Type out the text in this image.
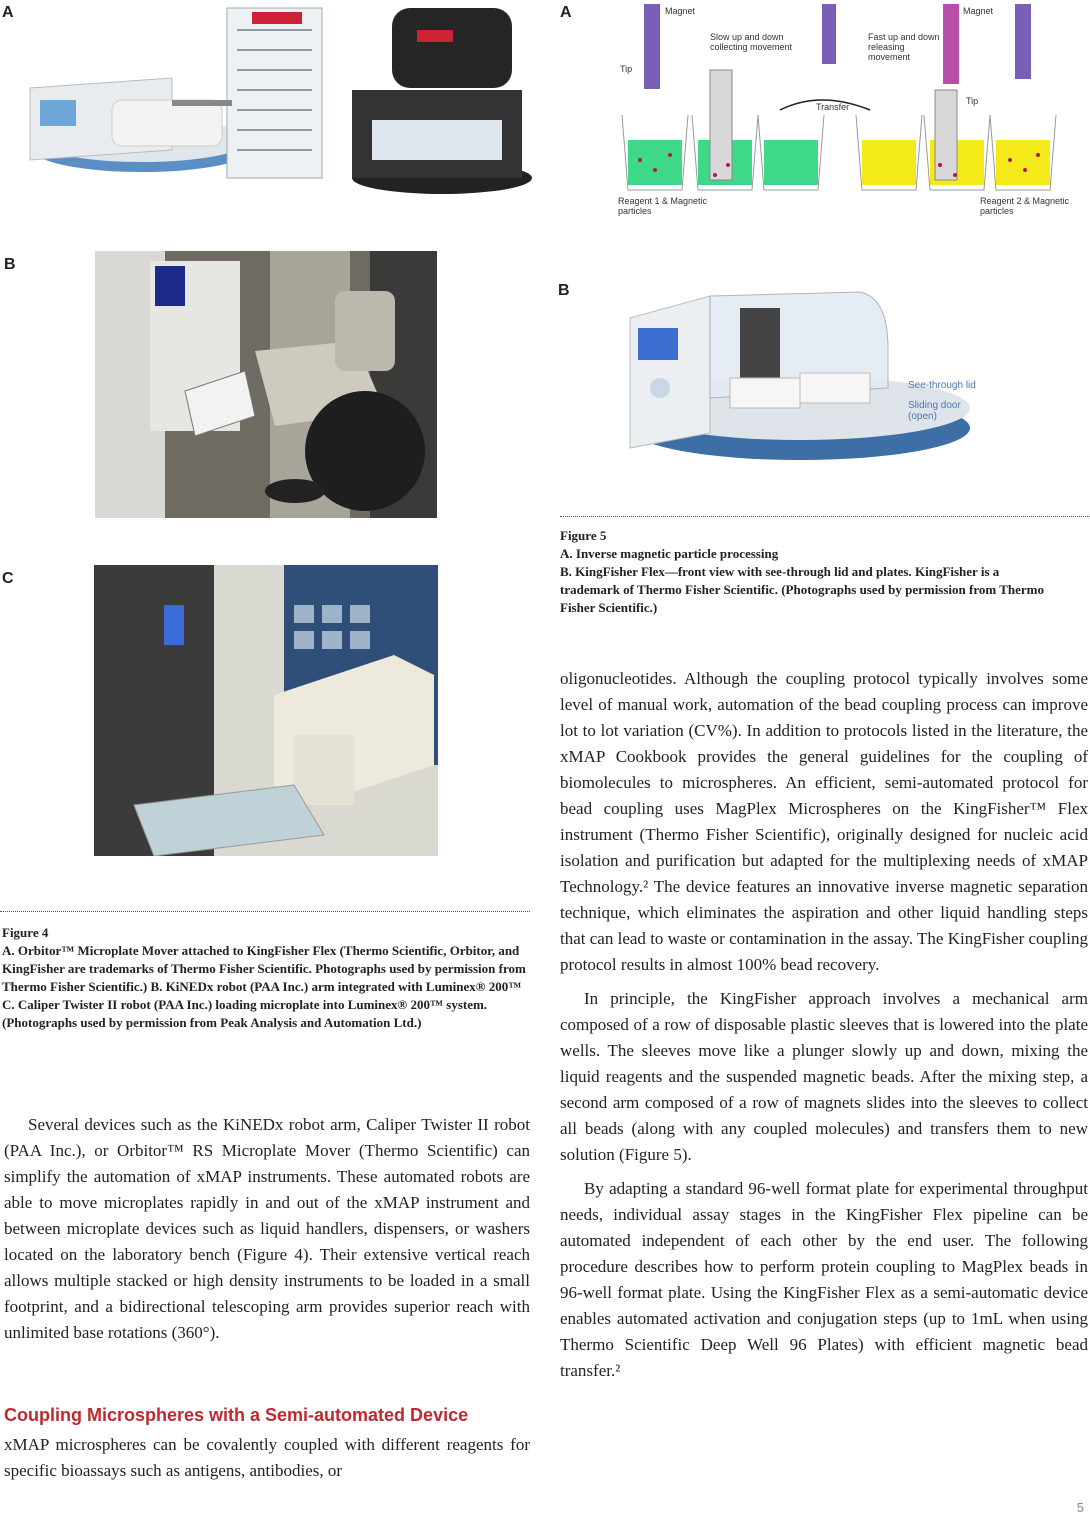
A
B
C
Figure 4
A. Orbitor™ Microplate Mover attached to KingFisher Flex (Thermo Scientific, Orbitor, and KingFisher are trademarks of Thermo Fisher Scientific. Photographs used by permission from Thermo Fisher Scientific.) B. KiNEDx robot (PAA Inc.) arm integrated with Luminex® 200™ C. Caliper Twister II robot (PAA Inc.) loading microplate into Luminex® 200™ system. (Photographs used by permission from Peak Analysis and Automation Ltd.)

Several devices such as the KiNEDx robot arm, Caliper Twister II robot (PAA Inc.), or Orbitor™ RS Microplate Mover (Thermo Scientific) can simplify the automation of xMAP instruments. These automated robots are able to move microplates rapidly in and out of the xMAP instrument and between microplate devices such as liquid handlers, dispensers, or washers located on the laboratory bench (Figure 4). Their extensive vertical reach allows multiple stacked or high density instruments to be loaded in a small footprint, and a bidirectional telescoping arm provides superior reach with unlimited base rotations (360°).

Coupling Microspheres with a Semi-automated Device

xMAP microspheres can be covalently coupled with different reagents for specific bioassays such as antigens, antibodies, or

A	Magnet	Magnet
Tip
Tip
Slow up and down collecting movement
Fast up and down releasing movement
Transfer
Reagent 1 & Magnetic particles
Reagent 2 & Magnetic particles
B
See-through lid
Sliding door (open)
Figure 5
A. Inverse magnetic particle processing
B. KingFisher Flex—front view with see-through lid and plates. KingFisher is a trademark of Thermo Fisher Scientific. (Photographs used by permission from Thermo Fisher Scientific.)

oligonucleotides. Although the coupling protocol typically involves some level of manual work, automation of the bead coupling process can improve lot to lot variation (CV%). In addition to protocols listed in the literature, the xMAP Cookbook provides the general guidelines for the coupling of biomolecules to microspheres. An efficient, semi-automated protocol for bead coupling uses MagPlex Microspheres on the KingFisher™ Flex instrument (Thermo Fisher Scientific), originally designed for nucleic acid isolation and purification but adapted for the multiplexing needs of xMAP Technology.² The device features an innovative inverse magnetic separation technique, which eliminates the aspiration and other liquid handling steps that can lead to waste or contamination in the assay. The KingFisher coupling protocol results in almost 100% bead recovery.

In principle, the KingFisher approach involves a mechanical arm composed of a row of disposable plastic sleeves that is lowered into the plate wells. The sleeves move like a plunger slowly up and down, mixing the liquid reagents and the suspended magnetic beads. After the mixing step, a second arm composed of a row of magnets slides into the sleeves to collect all beads (along with any coupled molecules) and transfers them to new solution (Figure 5).

By adapting a standard 96-well format plate for experimental throughput needs, individual assay stages in the KingFisher Flex pipeline can be automated independent of each other by the end user. The following procedure describes how to perform protein coupling to MagPlex beads in 96-well format plate. Using the KingFisher Flex as a semi-automatic device enables automated activation and conjugation steps (up to 1mL when using Thermo Scientific Deep Well 96 Plates) with efficient magnetic bead transfer.²

5
